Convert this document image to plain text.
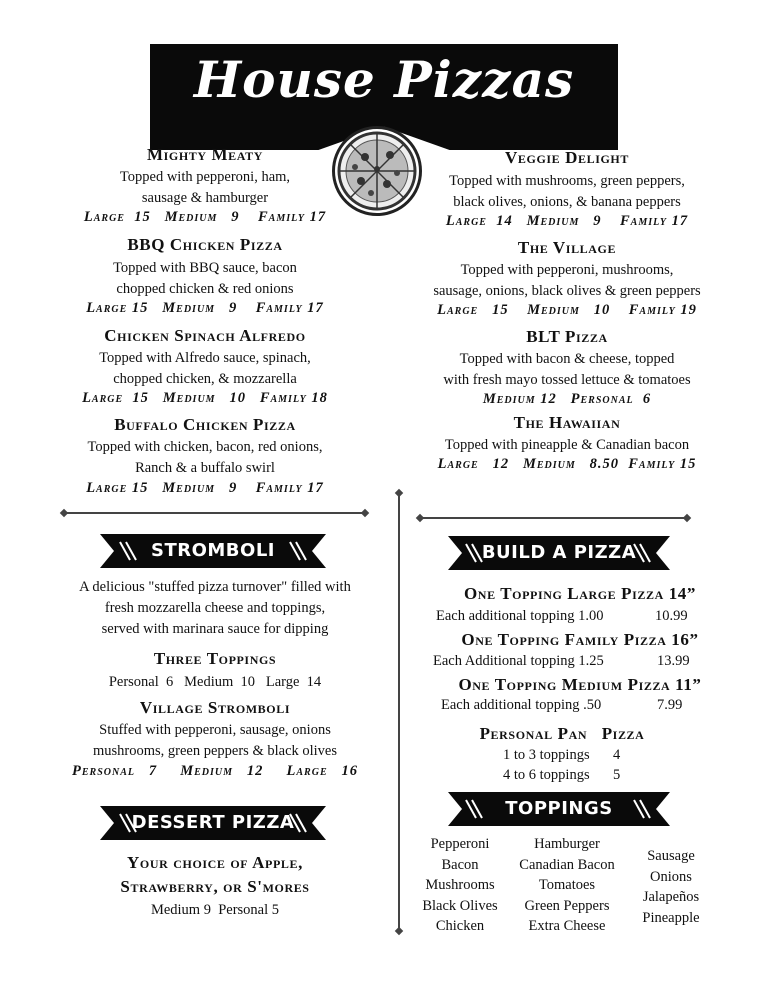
House Pizzas
Mighty Meaty
Topped with pepperoni, ham,
sausage & hamburger
Large  15   Medium   9    Family 17
BBQ Chicken Pizza
Topped with BBQ sauce, bacon
chopped chicken & red onions
Large 15   Medium   9    Family 17
Chicken Spinach Alfredo
Topped with Alfredo sauce, spinach,
chopped chicken, & mozzarella
Large  15   Medium   10   Family 18
Buffalo Chicken Pizza
Topped with chicken, bacon, red onions,
Ranch & a buffalo swirl
Large 15   Medium   9    Family 17
Veggie Delight
Topped with mushrooms, green peppers,
black olives, onions, & banana peppers
Large  14   Medium   9    Family 17
The Village
Topped with pepperoni, mushrooms,
sausage, onions, black olives & green peppers
Large   15    Medium   10    Family 19
BLT Pizza
Topped with bacon & cheese, topped
with fresh mayo tossed lettuce & tomatoes
Medium 12   Personal  6
The Hawaiian
Topped with pineapple & Canadian bacon
Large   12   Medium   8.50  Family 15
STROMBOLI
A delicious "stuffed pizza turnover" filled with
fresh mozzarella cheese and toppings,
served with marinara sauce for dipping
Three Toppings
Personal  6   Medium  10   Large  14
Village Stromboli
Stuffed with pepperoni, sausage, onions
mushrooms, green peppers & black olives
Personal   7     Medium   12     Large   16
DESSERT PIZZA
Your choice of Apple,
Strawberry, or S'mores
Medium 9  Personal 5
BUILD A PIZZA
One Topping Large Pizza 14”
Each additional topping 1.00	10.99
One Topping Family Pizza 16”
Each Additional topping 1.25	13.99
One Topping Medium Pizza 11”
Each additional topping .50	7.99
Personal Pan   Pizza
1 to 3 toppings 4
4 to 6 toppings 5
TOPPINGS
Pepperoni
Bacon
Mushrooms
Black Olives
Chicken
Hamburger
Canadian Bacon
Tomatoes
Green Peppers
Extra Cheese
Sausage
Onions
Jalapeños
Pineapple
